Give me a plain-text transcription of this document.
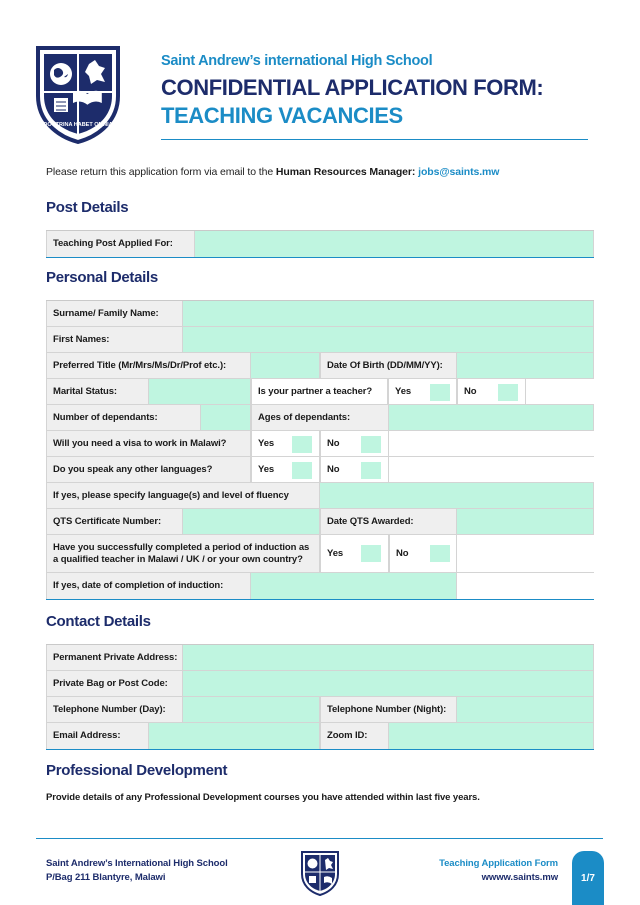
DOCTRINA HABET OMNIA
Saint Andrew’s international High School
CONFIDENTIAL APPLICATION FORM:
TEACHING VACANCIES
Please return this application form via email to the Human Resources Manager: jobs@saints.mw
Post Details
Teaching Post Applied For:
Personal Details
Surname/ Family Name:
First Names:
Preferred Title (Mr/Mrs/Ms/Dr/Prof etc.):	Date Of Birth (DD/MM/YY):
Marital Status:	Is your partner a teacher?	Yes	No
Number of dependants:	Ages of dependants:
Will you need a visa to work in Malawi?	Yes	No
Do you speak any other languages?	Yes	No
If yes, please specify language(s) and level of fluency
QTS Certificate Number:	Date QTS Awarded:
Have you successfully completed a period of induction as
a qualified teacher in Malawi / UK / or your own country?
Yes	No
If yes, date of completion of induction:
Contact Details
Permanent Private Address:
Private Bag or Post Code:
Telephone Number (Day):	Telephone Number (Night):
Email Address:	Zoom ID:
Professional Development
Provide details of any Professional Development courses you have attended within last five years.
Saint Andrew’s International High School
P/Bag 211 Blantyre, Malawi
Teaching Application Form
wwww.saints.mw	1/7
